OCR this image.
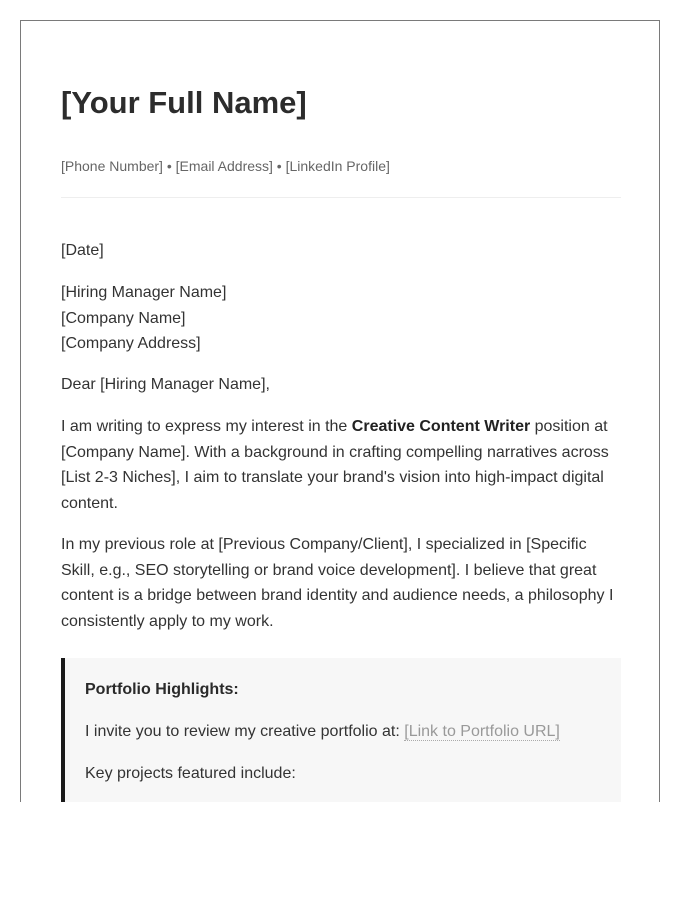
[Your Full Name]
[Phone Number] • [Email Address] • [LinkedIn Profile]
[Date]
[Hiring Manager Name]
[Company Name]
[Company Address]
Dear [Hiring Manager Name],
I am writing to express my interest in the Creative Content Writer position at [Company Name]. With a background in crafting compelling narratives across [List 2-3 Niches], I aim to translate your brand's vision into high-impact digital content.
In my previous role at [Previous Company/Client], I specialized in [Specific Skill, e.g., SEO storytelling or brand voice development]. I believe that great content is a bridge between brand identity and audience needs, a philosophy I consistently apply to my work.
Portfolio Highlights:
I invite you to review my creative portfolio at: [Link to Portfolio URL]
Key projects featured include:
